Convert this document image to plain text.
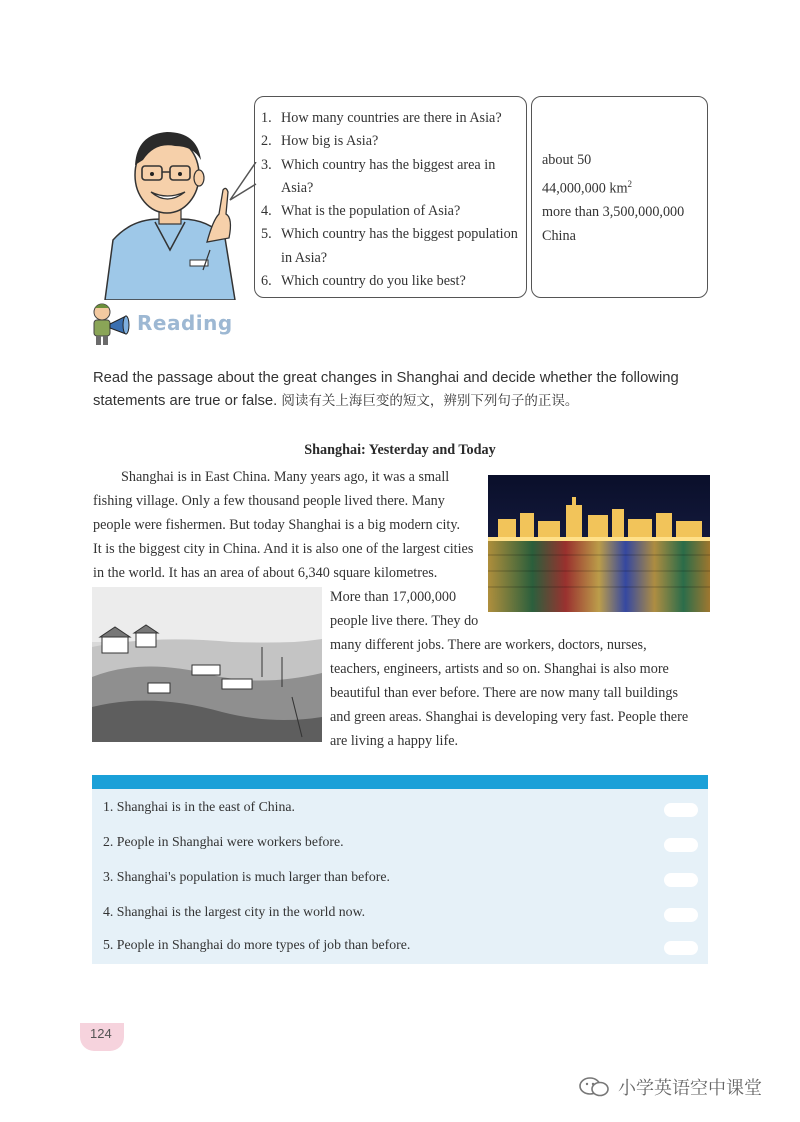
1. How many countries are there in Asia?
2. How big is Asia?
3. Which country has the biggest area in
Asia?
4. What is the population of Asia?
5. Which country has the biggest population
in Asia?
6. Which country do you like best?
about 50
44,000,000 $km^2$
more than 3,500,000,000
China
Reading
Read the passage about the great changes in Shanghai and decide whether the following
statements are true or false. 阅读有关上海巨变的短文，辨别下列句子的正误。
Shanghai: Yesterday and Today
Shanghai is in East China. Many years ago, it was a small
fishing village. Only a few thousand people lived there. Many
people were fishermen. But today Shanghai is a big modern city.
It is the biggest city in China. And it is also one of the largest cities
in the world. It has an area of about 6,340 square kilometres.
More than 17,000,000
people live there. They do
many different jobs. There are workers, doctors, nurses,
teachers, engineers, artists and so on. Shanghai is also more
beautiful than ever before. There are now many tall buildings
and green areas. Shanghai is developing very fast. People there
are living a happy life.
1. Shanghai is in the east of China.
2. People in Shanghai were workers before.
3. Shanghai's population is much larger than before.
4. Shanghai is the largest city in the world now.
5. People in Shanghai do more types of job than before.
124
小学英语空中课堂
